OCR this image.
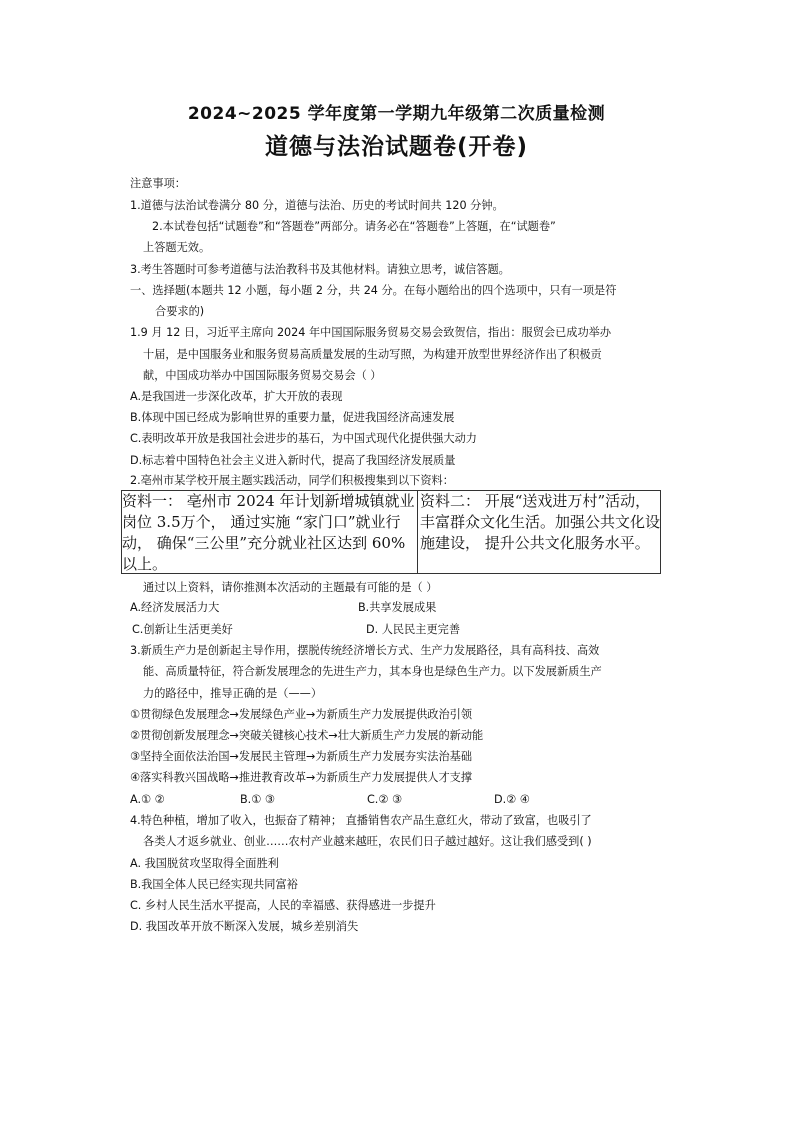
2024~2025 学年度第一学期九年级第二次质量检测
道德与法治试题卷(开卷)
注意事项：
1.道德与法治试卷满分 80 分，道德与法治、历史的考试时间共 120 分钟。
2.本试卷包括“试题卷”和“答题卷”两部分。请务必在“答题卷”上答题，在“试题卷”
上答题无效。
3.考生答题时可参考道德与法治教科书及其他材料。请独立思考，诚信答题。
一、选择题(本题共 12 小题，每小题 2 分，共 24 分。在每小题给出的四个选项中，只有一项是符
合要求的)
1.9 月 12 日，习近平主席向 2024 年中国国际服务贸易交易会致贺信，指出：服贸会已成功举办
十届，是中国服务业和服务贸易高质量发展的生动写照，为构建开放型世界经济作出了积极贡
献，中国成功举办中国国际服务贸易交易会（ ）
A.是我国进一步深化改革，扩大开放的表现
B.体现中国已经成为影响世界的重要力量，促进我国经济高速发展
C.表明改革开放是我国社会进步的基石，为中国式现代化提供强大动力
D.标志着中国特色社会主义进入新时代，提高了我国经济发展质量
2.亳州市某学校开展主题实践活动，同学们积极搜集到以下资料：
资料一： 亳州市 2024 年计划新增城镇就业岗位 3.5万个， 通过实施 “家门口”就业行动， 确保“三公里”充分就业社区达到 60%以上。
资料二： 开展“送戏进万村”活动， 丰富群众文化生活。加强公共文化设施建设， 提升公共文化服务水平。
通过以上资料，请你推测本次活动的主题最有可能的是（ ）
A.经济发展活力大	B.共享发展成果
C.创新让生活更美好	D. 人民民主更完善
3.新质生产力是创新起主导作用，摆脱传统经济增长方式、生产力发展路径，具有高科技、高效
能、高质量特征，符合新发展理念的先进生产力，其本身也是绿色生产力。以下发展新质生产
力的路径中，推导正确的是（——）
①贯彻绿色发展理念→发展绿色产业→为新质生产力发展提供政治引领
②贯彻创新发展理念→突破关键核心技术→壮大新质生产力发展的新动能
③坚持全面依法治国→发展民主管理→为新质生产力发展夯实法治基础
④落实科教兴国战略→推进教育改革→为新质生产力发展提供人才支撑
A.① ②	B.① ③	C.② ③	D.② ④
4.特色种植，增加了收入，也振奋了精神； 直播销售农产品生意红火，带动了致富，也吸引了
各类人才返乡就业、创业……农村产业越来越旺，农民们日子越过越好。这让我们感受到( )
A. 我国脱贫攻坚取得全面胜利
B.我国全体人民已经实现共同富裕
C. 乡村人民生活水平提高，人民的幸福感、获得感进一步提升
D. 我国改革开放不断深入发展，城乡差别消失
